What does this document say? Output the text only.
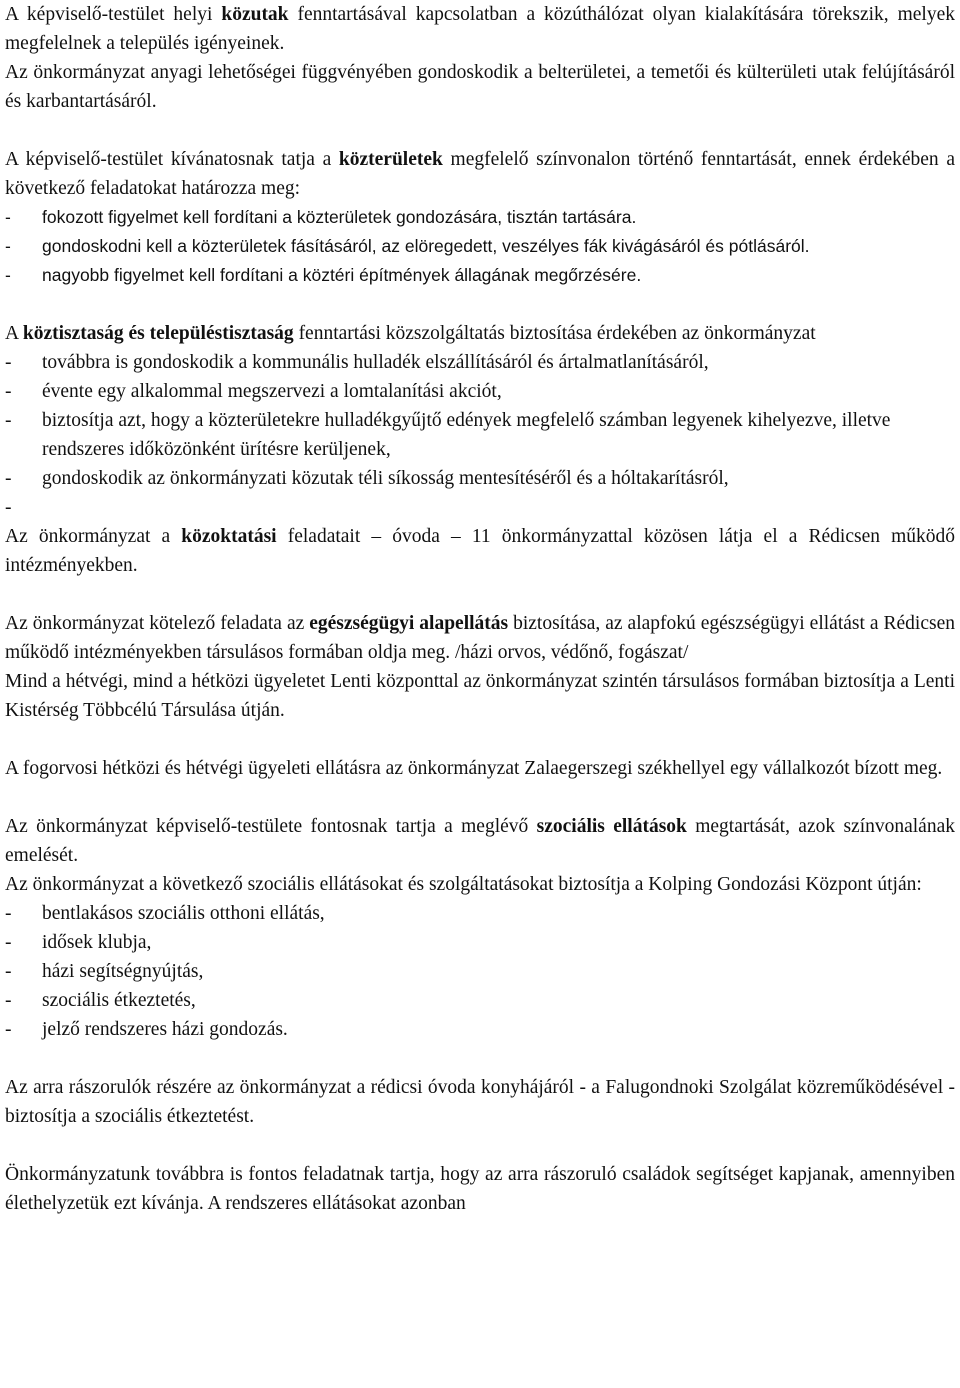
A képviselő-testület helyi közutak fenntartásával kapcsolatban a közúthálózat olyan kialakítására törekszik, melyek megfelelnek a település igényeinek.

Az önkormányzat anyagi lehetőségei függvényében gondoskodik a belterületei, a temetői és külterületi utak felújításáról és karbantartásáról.

A képviselő-testület kívánatosnak tatja a közterületek megfelelő színvonalon történő fenntartását, ennek érdekében a következő feladatokat határozza meg:

-	fokozott figyelmet kell fordítani a közterületek gondozására, tisztán tartására.
-	gondoskodni kell a közterületek fásításáról, az elöregedett, veszélyes fák kivágásáról és pótlásáról.
-	nagyobb figyelmet kell fordítani a köztéri építmények állagának megőrzésére.

A köztisztaság és településtisztaság fenntartási közszolgáltatás biztosítása érdekében az önkormányzat

-	továbbra is gondoskodik a kommunális hulladék elszállításáról és ártalmatlanításáról,
-	évente egy alkalommal megszervezi a lomtalanítási akciót,
-	biztosítja azt, hogy a közterületekre hulladékgyűjtő edények megfelelő számban legyenek kihelyezve, illetve rendszeres időközönként ürítésre kerüljenek,
-	gondoskodik az önkormányzati közutak téli síkosság mentesítéséről és a hóltakarításról,
-

Az önkormányzat a közoktatási feladatait – óvoda – 11 önkormányzattal közösen látja el a Rédicsen működő intézményekben.

Az önkormányzat kötelező feladata az egészségügyi alapellátás biztosítása, az alapfokú egészségügyi ellátást a Rédicsen működő intézményekben társulásos formában oldja meg. /házi orvos, védőnő, fogászat/

Mind a hétvégi, mind a hétközi ügyeletet Lenti központtal az önkormányzat szintén társulásos formában biztosítja a Lenti Kistérség Többcélú Társulása útján.

A fogorvosi hétközi és hétvégi ügyeleti ellátásra az önkormányzat Zalaegerszegi székhellyel egy vállalkozót bízott meg.

Az önkormányzat képviselő-testülete fontosnak tartja a meglévő szociális ellátások megtartását, azok színvonalának emelését.

Az önkormányzat a következő szociális ellátásokat és szolgáltatásokat biztosítja a Kolping Gondozási Központ útján:

-	bentlakásos szociális otthoni ellátás,
-	idősek klubja,
-	házi segítségnyújtás,
-	szociális étkeztetés,
-	jelző rendszeres házi gondozás.

Az arra rászorulók részére az önkormányzat a rédicsi óvoda konyhájáról - a Falugondnoki Szolgálat közreműködésével - biztosítja a szociális étkeztetést.

Önkormányzatunk továbbra is fontos feladatnak tartja, hogy az arra rászoruló családok segítséget kapjanak, amennyiben élethelyzetük ezt kívánja. A rendszeres ellátásokat azonban
